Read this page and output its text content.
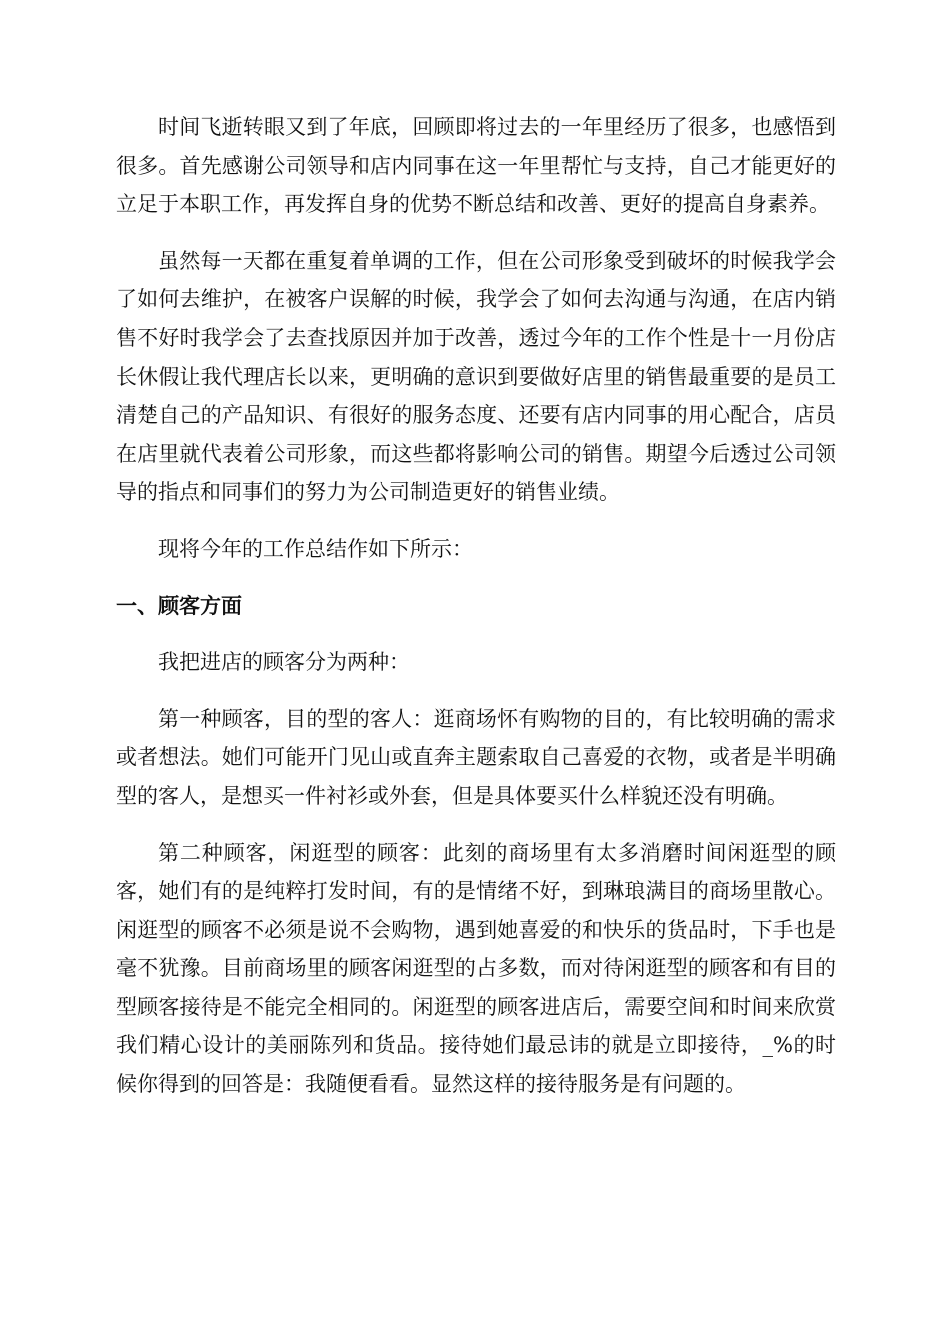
时间飞逝转眼又到了年底，回顾即将过去的一年里经历了很多，也感悟到很多。首先感谢公司领导和店内同事在这一年里帮忙与支持，自己才能更好的立足于本职工作，再发挥自身的优势不断总结和改善、更好的提高自身素养。

虽然每一天都在重复着单调的工作，但在公司形象受到破坏的时候我学会了如何去维护，在被客户误解的时候，我学会了如何去沟通与沟通，在店内销售不好时我学会了去查找原因并加于改善，透过今年的工作个性是十一月份店长休假让我代理店长以来，更明确的意识到要做好店里的销售最重要的是员工清楚自己的产品知识、有很好的服务态度、还要有店内同事的用心配合，店员在店里就代表着公司形象，而这些都将影响公司的销售。期望今后透过公司领导的指点和同事们的努力为公司制造更好的销售业绩。

现将今年的工作总结作如下所示：

一、顾客方面

我把进店的顾客分为两种：

第一种顾客，目的型的客人：逛商场怀有购物的目的，有比较明确的需求或者想法。她们可能开门见山或直奔主题索取自己喜爱的衣物，或者是半明确型的客人，是想买一件衬衫或外套，但是具体要买什么样貌还没有明确。

第二种顾客，闲逛型的顾客：此刻的商场里有太多消磨时间闲逛型的顾客，她们有的是纯粹打发时间，有的是情绪不好，到琳琅满目的商场里散心。闲逛型的顾客不必须是说不会购物，遇到她喜爱的和快乐的货品时，下手也是毫不犹豫。目前商场里的顾客闲逛型的占多数，而对待闲逛型的顾客和有目的型顾客接待是不能完全相同的。闲逛型的顾客进店后，需要空间和时间来欣赏我们精心设计的美丽陈列和货品。接待她们最忌讳的就是立即接待，_%的时候你得到的回答是：我随便看看。显然这样的接待服务是有问题的。
